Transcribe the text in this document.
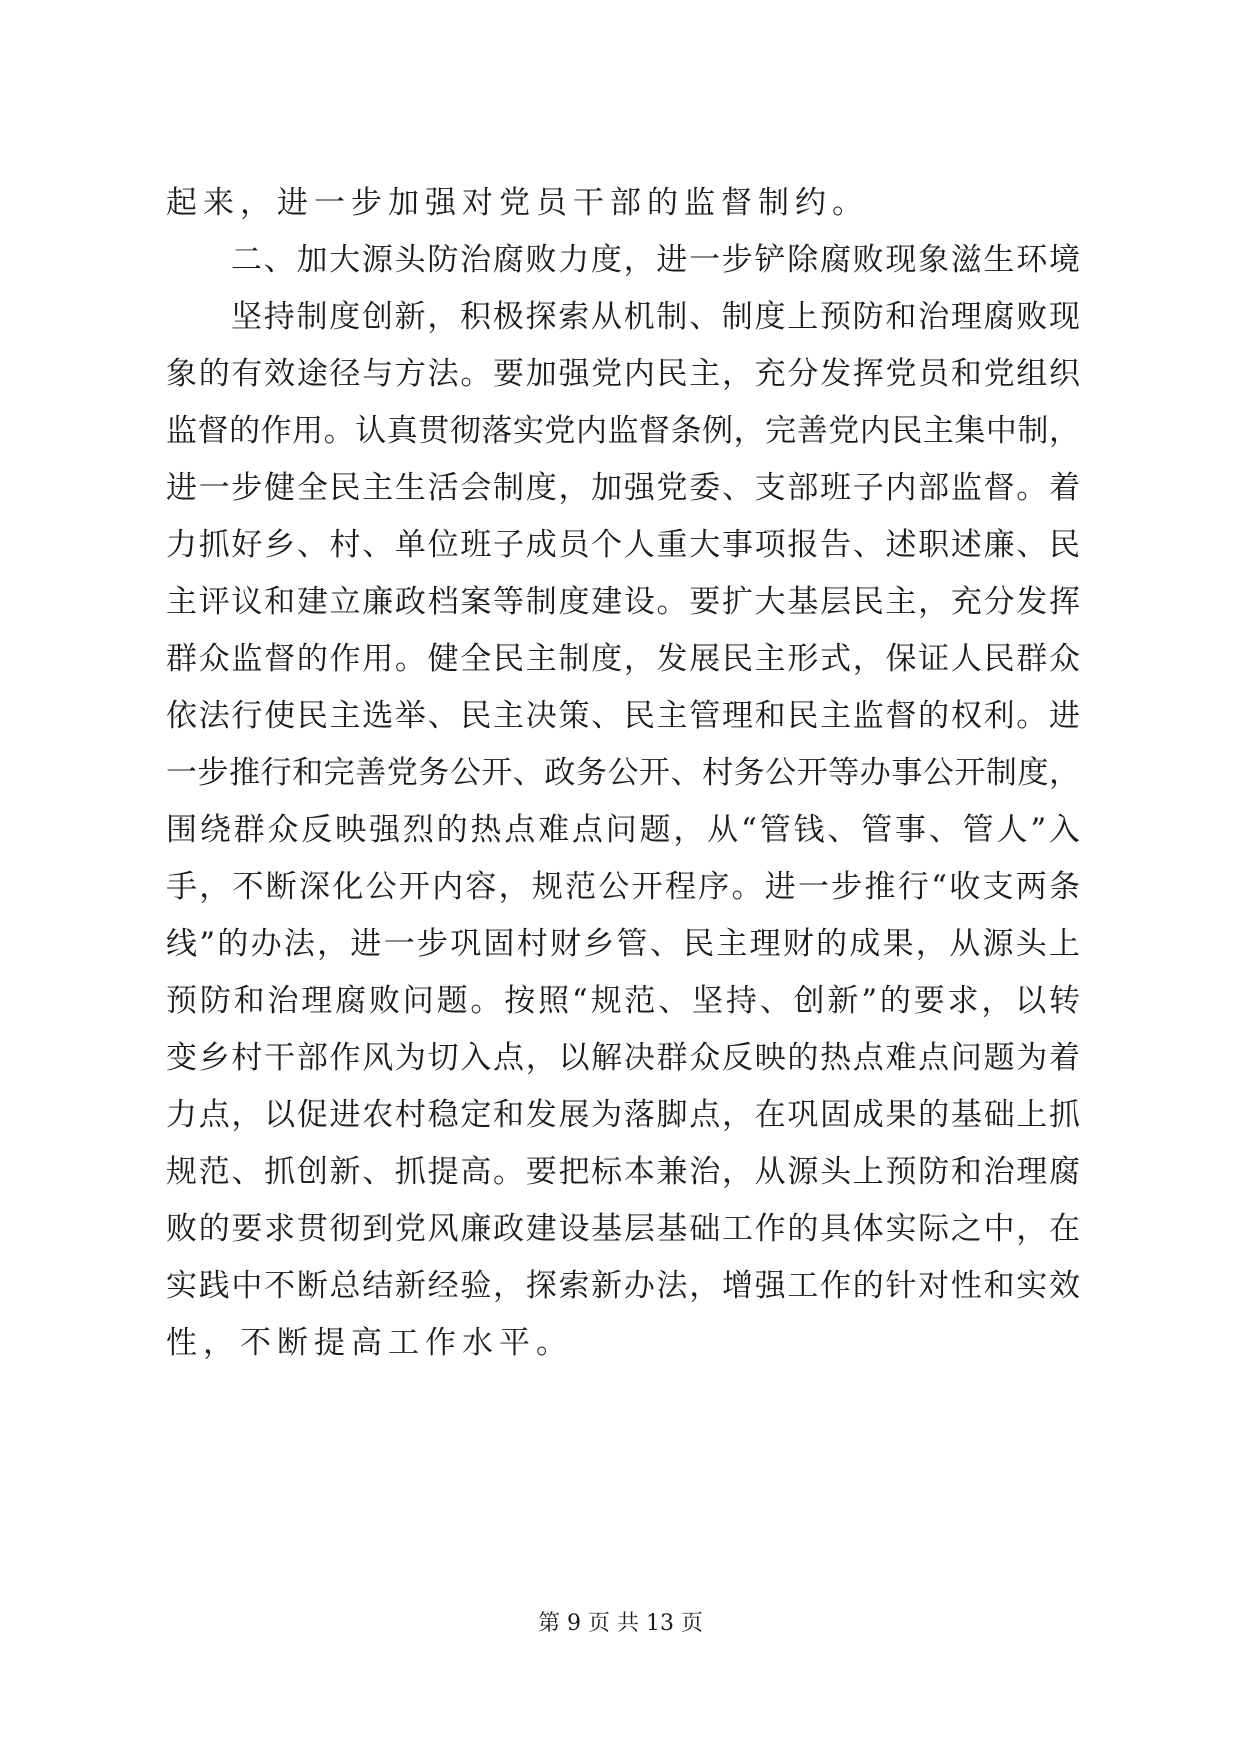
起来，进一步加强对党员干部的监督制约。
二、加大源头防治腐败力度，进一步铲除腐败现象滋生环境
坚持制度创新，积极探索从机制、制度上预防和治理腐败现
象的有效途径与方法。要加强党内民主，充分发挥党员和党组织
监督的作用。认真贯彻落实党内监督条例，完善党内民主集中制，
进一步健全民主生活会制度，加强党委、支部班子内部监督。着
力抓好乡、村、单位班子成员个人重大事项报告、述职述廉、民
主评议和建立廉政档案等制度建设。要扩大基层民主，充分发挥
群众监督的作用。健全民主制度，发展民主形式，保证人民群众
依法行使民主选举、民主决策、民主管理和民主监督的权利。进
一步推行和完善党务公开、政务公开、村务公开等办事公开制度，
围绕群众反映强烈的热点难点问题，从“管钱、管事、管人”入
手，不断深化公开内容，规范公开程序。进一步推行“收支两条
线”的办法，进一步巩固村财乡管、民主理财的成果，从源头上
预防和治理腐败问题。按照“规范、坚持、创新”的要求，以转
变乡村干部作风为切入点，以解决群众反映的热点难点问题为着
力点，以促进农村稳定和发展为落脚点，在巩固成果的基础上抓
规范、抓创新、抓提高。要把标本兼治，从源头上预防和治理腐
败的要求贯彻到党风廉政建设基层基础工作的具体实际之中，在
实践中不断总结新经验，探索新办法，增强工作的针对性和实效
性，不断提高工作水平。
第 9 页 共 13 页
